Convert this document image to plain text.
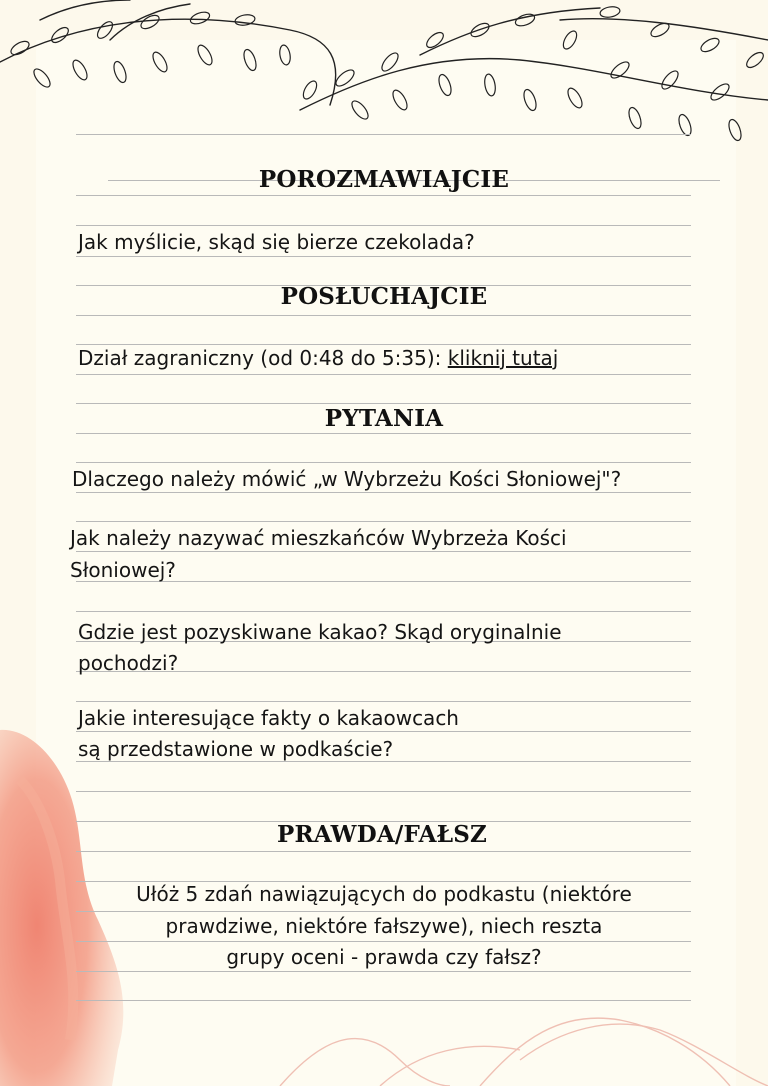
POROZMAWIAJCIE
Jak myślicie, skąd się bierze czekolada?
POSŁUCHAJCIE
Dział zagraniczny (od 0:48 do 5:35): kliknij tutaj
PYTANIA
Dlaczego należy mówić „w Wybrzeżu Kości Słoniowej"?
Jak należy nazywać mieszkańców Wybrzeża Kości
Słoniowej?
Gdzie jest pozyskiwane kakao? Skąd oryginalnie
pochodzi?
Jakie interesujące fakty o kakaowcach
są przedstawione w podkaście?
PRAWDA/FAŁSZ
Ułóż 5 zdań nawiązujących do podkastu (niektóre
prawdziwe, niektóre fałszywe), niech reszta
grupy oceni - prawda czy fałsz?
